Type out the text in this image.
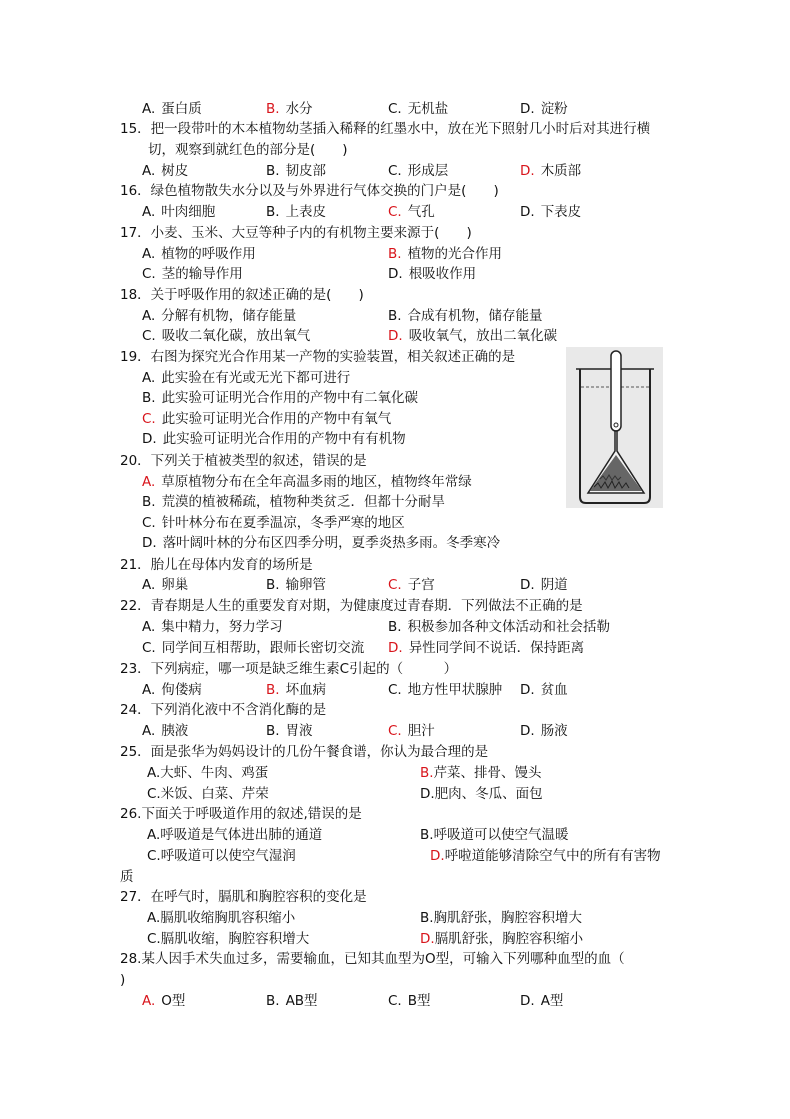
A. 蛋白质	B. 水分	C. 无机盐	D. 淀粉
15．把一段带叶的木本植物幼茎插入稀释的红墨水中，放在光下照射几小时后对其进行横
切，观察到就红色的部分是(　　)
A. 树皮	B. 韧皮部	C. 形成层	D. 木质部
16．绿色植物散失水分以及与外界进行气体交换的门户是(　　)
A. 叶肉细胞	B. 上表皮	C. 气孔	D. 下表皮
17．小麦、玉米、大豆等种子内的有机物主要来源于(　　)
A. 植物的呼吸作用	B. 植物的光合作用
C. 茎的输导作用	D. 根吸收作用
18．关于呼吸作用的叙述正确的是(　　)
A. 分解有机物，储存能量	B. 合成有机物，储存能量
C. 吸收二氧化碳，放出氧气	D. 吸收氧气，放出二氧化碳
19．右图为探究光合作用某一产物的实验装置，相关叙述正确的是
A. 此实验在有光或无光下都可进行
B. 此实验可证明光合作用的产物中有二氧化碳
C. 此实验可证明光合作用的产物中有氧气
D. 此实验可证明光合作用的产物中有有机物
20．下列关于植被类型的叙述，错误的是
A. 草原植物分布在全年高温多雨的地区，植物终年常绿
B. 荒漠的植被稀疏，植物种类贫乏．但都十分耐旱
C. 针叶林分布在夏季温凉，冬季严寒的地区
D. 落叶阔叶林的分布区四季分明，夏季炎热多雨。冬季寒冷
21．胎儿在母体内发育的场所是
A. 卵巢	B. 输卵管	C. 子宫	D. 阴道
22．青春期是人生的重要发育对期，为健康度过青春期．下列做法不正确的是
A. 集中精力，努力学习	B. 积极参加各种文体活动和社会括勒
C. 同学间互相帮助，跟师长密切交流 D. 异性同学间不说话．保持距离
23．下列病症，哪一项是缺乏维生素C引起的（　　　）
A. 佝偻病	B. 坏血病	C. 地方性甲状腺肿 D. 贫血
24．下列消化液中不含消化酶的是
A. 胰液	B. 胃液	C. 胆汁	D. 肠液
25．面是张华为妈妈设计的几份午餐食谱，你认为最合理的是
A.大虾、牛肉、鸡蛋	B.芹菜、排骨、馒头
C.米饭、白菜、芹荣	D.肥肉、冬瓜、面包
26.下面关于呼吸道作用的叙述,错误的是
A.呼吸道是气体进出肺的通道	B.呼吸道可以使空气温暖
C.呼吸道可以使空气湿润	D.呼啦道能够清除空气中的所有有害物
质
27．在呼气时，膈肌和胸腔容积的变化是
A.膈肌收缩胸肌容积缩小	B.胸肌舒张，胸腔容积增大
C.膈肌收缩，胸腔容积增大	D.膈肌舒张，胸腔容积缩小
28.某人因手术失血过多，需要输血，已知其血型为O型，可输入下列哪种血型的血（
)
A. O型	B. AB型	C. B型	D. A型
